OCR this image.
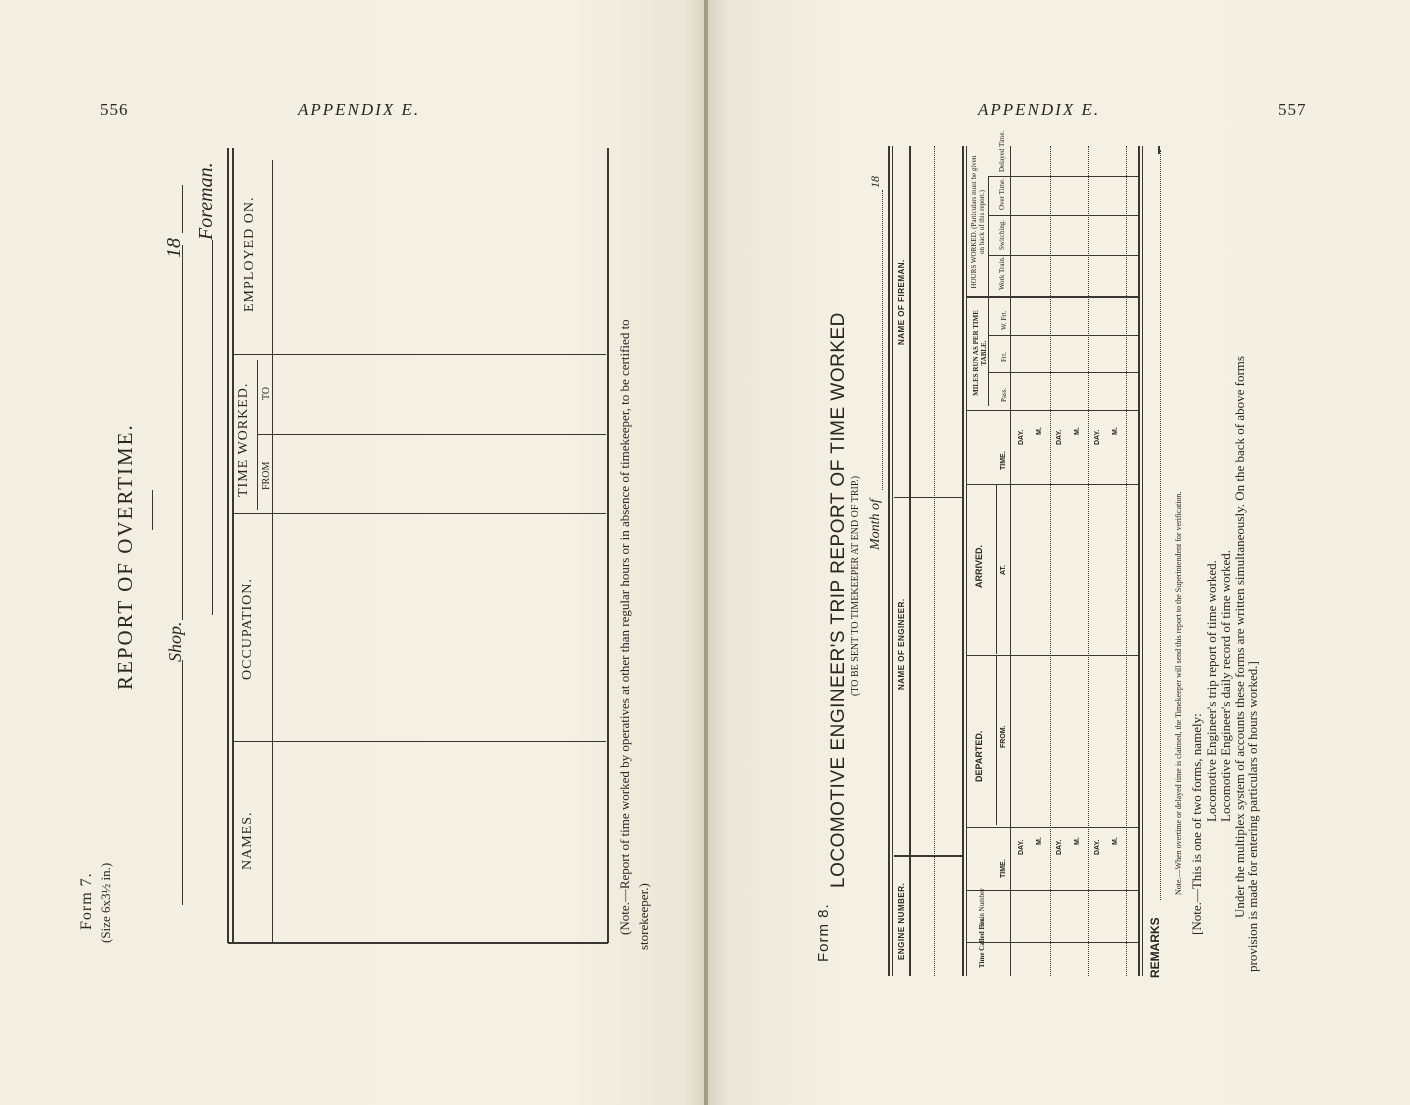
556	APPENDIX E.
Form 7. (Size 6x3½ in.)
REPORT OF OVERTIME. Shop.
18
Foreman.
NAMES.
OCCUPATION.
TIME WORKED. FROM
TO
EMPLOYED ON.
(Note.—Report of time worked by operatives at other than regular hours or in absence of timekeeper, to be certified to storekeeper.)
APPENDIX E.	557
Form 8.
LOCOMOTIVE ENGINEER'S TRIP REPORT OF TIME WORKED (TO BE SENT TO TIMEKEEPER AT END OF TRIP.) Month of
18
ENGINE NUMBER.
NAME OF ENGINEER.
NAME OF FIREMAN.
Time Called For.
Train Number
DEPARTED.
TIME.
FROM.
ARRIVED. AT.
TIME.
MILES RUN AS PER TIME TABLE.
Pass.
Frt.
W. Frt.
HOURS WORKED. (Particulars must be given on back of this report.)
Work Train.
Switching.
Over Time.
Delayed Time.
DAY. M. DAY. M. DAY. M.
DAY. M. DAY. M. DAY. M.
REMARKS
Note.—When overtime or delayed time is claimed, the Timekeeper will send this report to the Superintendent for verification. [Note.—This is one of two forms, namely:
Locomotive Engineer's trip report of time worked. Locomotive Engineer's daily record of time worked. Under the multiplex system of accounts these forms are written simultaneously. On the back of above forms
provision is made for entering particulars of hours worked.]
